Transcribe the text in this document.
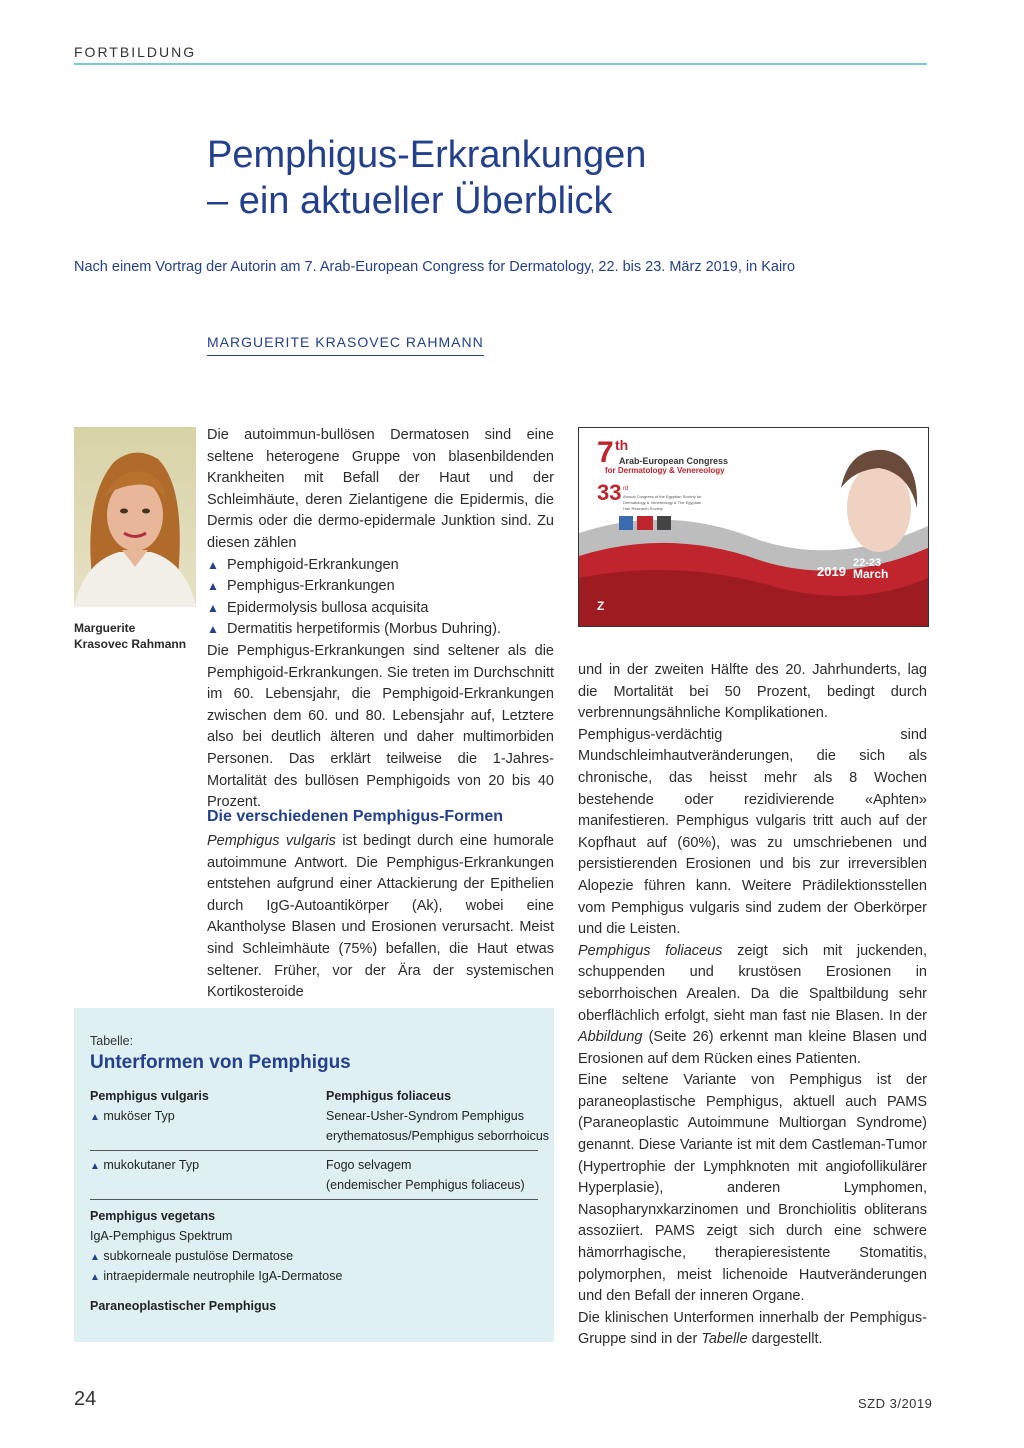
FORTBILDUNG
Pemphigus-Erkrankungen
– ein aktueller Überblick
Nach einem Vortrag der Autorin am 7. Arab-European Congress for Dermatology, 22. bis 23. März 2019, in Kairo
MARGUERITE KRASOVEC RAHMANN
Marguerite
Krasovec Rahmann

Die autoimmun-bullösen Dermatosen sind eine seltene heterogene Gruppe von blasenbildenden Krankheiten mit Befall der Haut und der Schleimhäute, deren Zielantigene die Epidermis, die Dermis oder die dermo-epidermale Junktion sind. Zu diesen zählen

▲ Pemphigoid-Erkrankungen
▲ Pemphigus-Erkrankungen
▲ Epidermolysis bullosa acquisita
▲ Dermatitis herpetiformis (Morbus Duhring).

Die Pemphigus-Erkrankungen sind seltener als die Pemphigoid-Erkrankungen. Sie treten im Durchschnitt im 60. Lebensjahr, die Pemphigoid-Erkrankungen zwischen dem 60. und 80. Lebensjahr auf, Letztere also bei deutlich älteren und daher multimorbiden Personen. Das erklärt teilweise die 1-Jahres-Mortalität des bullösen Pemphigoids von 20 bis 40 Prozent.

Die verschiedenen Pemphigus-Formen

Pemphigus vulgaris ist bedingt durch eine humorale autoimmune Antwort. Die Pemphigus-Erkrankungen entstehen aufgrund einer Attackierung der Epithelien durch IgG-Autoantikörper (Ak), wobei eine Akantholyse Blasen und Erosionen verursacht. Meist sind Schleimhäute (75%) befallen, die Haut etwas seltener. Früher, vor der Ära der systemischen Kortikosteroide

7 th
Arab-European Congress
for Dermatology & Venereology
33 rd
Annual Congress of the Egyptian Society for
Dermatology & Venereology & The Egyptian
Hair Research Society
2019
22-23
March
Z

und in der zweiten Hälfte des 20. Jahrhunderts, lag die Mortalität bei 50 Prozent, bedingt durch verbrennungsähnliche Komplikationen.

Pemphigus-verdächtig sind Mundschleimhautveränderungen, die sich als chronische, das heisst mehr als 8 Wochen bestehende oder rezidivierende «Aphten» manifestieren. Pemphigus vulgaris tritt auch auf der Kopfhaut auf (60%), was zu umschriebenen und persistierenden Erosionen und bis zur irreversiblen Alopezie führen kann. Weitere Prädilektionsstellen vom Pemphigus vulgaris sind zudem der Oberkörper und die Leisten.

Pemphigus foliaceus zeigt sich mit juckenden, schuppenden und krustösen Erosionen in seborrhoischen Arealen. Da die Spaltbildung sehr oberflächlich erfolgt, sieht man fast nie Blasen. In der Abbildung (Seite 26) erkennt man kleine Blasen und Erosionen auf dem Rücken eines Patienten.

Eine seltene Variante von Pemphigus ist der paraneoplastische Pemphigus, aktuell auch PAMS (Paraneoplastic Autoimmune Multiorgan Syndrome) genannt. Diese Variante ist mit dem Castleman-Tumor (Hypertrophie der Lymphknoten mit angiofollikulärer Hyperplasie), anderen Lymphomen, Nasopharynxkarzinomen und Bronchiolitis obliterans assoziiert. PAMS zeigt sich durch eine schwere hämorrhagische, therapieresistente Stomatitis, polymorphen, meist lichenoide Hautveränderungen und den Befall der inneren Organe.

Die klinischen Unterformen innerhalb der Pemphigus-Gruppe sind in der Tabelle dargestellt.

Tabelle:
Unterformen von Pemphigus
Pemphigus vulgaris	Pemphigus foliaceus
▲ muköser Typ	Senear-Usher-Syndrom Pemphigus
erythematosus/Pemphigus seborrhoicus
▲ mukokutaner Typ	Fogo selvagem
(endemischer Pemphigus foliaceus)
Pemphigus vegetans
IgA-Pemphigus Spektrum
▲ subkorneale pustulöse Dermatose
▲ intraepidermale neutrophile IgA-Dermatose
Paraneoplastischer Pemphigus
24	SZD 3/2019
